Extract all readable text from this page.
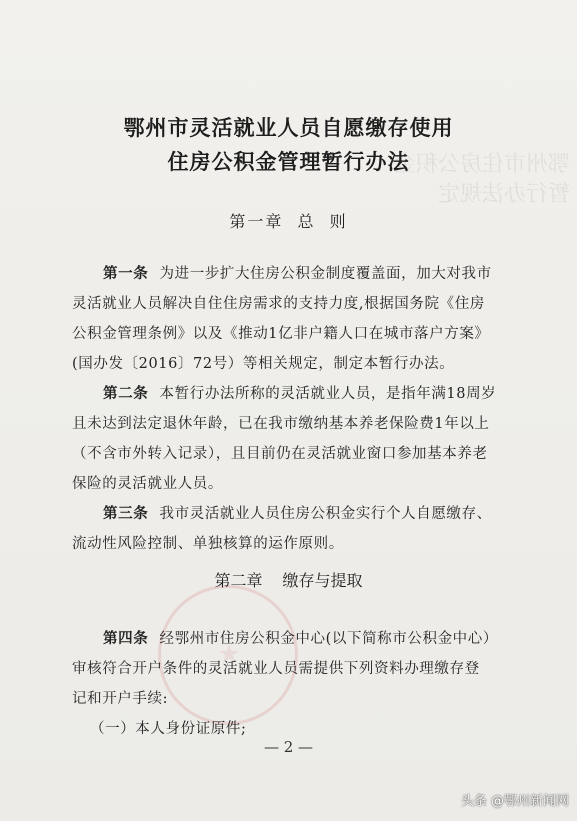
鄂州市住房公积金
暂行办法规定
鄂州市灵活就业人员自愿缴存使用
住房公积金管理暂行办法
第一章  总  则
第一条 为进一步扩大住房公积金制度覆盖面，加大对我市
灵活就业人员解决自住住房需求的支持力度,根据国务院《住房
公积金管理条例》以及《推动1亿非户籍人口在城市落户方案》
(国办发〔2016〕72号）等相关规定，制定本暂行办法。
第二条 本暂行办法所称的灵活就业人员，是指年满18周岁
且未达到法定退休年龄，已在我市缴纳基本养老保险费1年以上
（不含市外转入记录），且目前仍在灵活就业窗口参加基本养老
保险的灵活就业人员。
第三条 我市灵活就业人员住房公积金实行个人自愿缴存、
流动性风险控制、单独核算的运作原则。
第二章 缴存与提取
第四条 经鄂州市住房公积金中心(以下简称市公积金中心）
审核符合开户条件的灵活就业人员需提供下列资料办理缴存登
记和开户手续:
（一）本人身份证原件;
— 2 —
头条 @鄂州新闻网
